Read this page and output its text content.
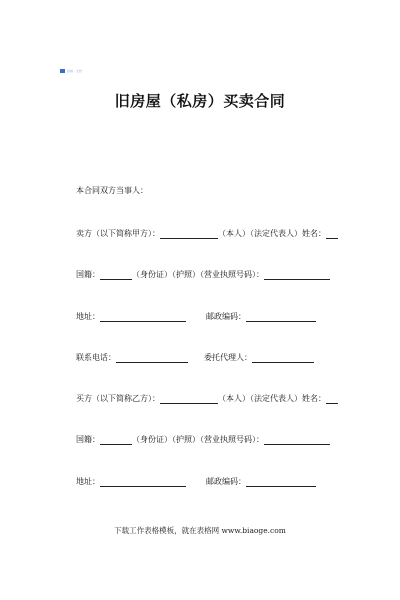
标格 · 文档
旧房屋（私房）买卖合同
本合同双方当事人：
卖方（以下简称甲方）：	（本人）（法定代表人）姓名：
国籍：	（身份证）（护照）（营业执照号码）：
地址：	邮政编码：
联系电话：	委托代理人：
买方（以下简称乙方）：	（本人）（法定代表人）姓名：
国籍：	（身份证）（护照）（营业执照号码）：
地址：	邮政编码：
下载工作表格模板，就在表格网 www.biaoge.com
